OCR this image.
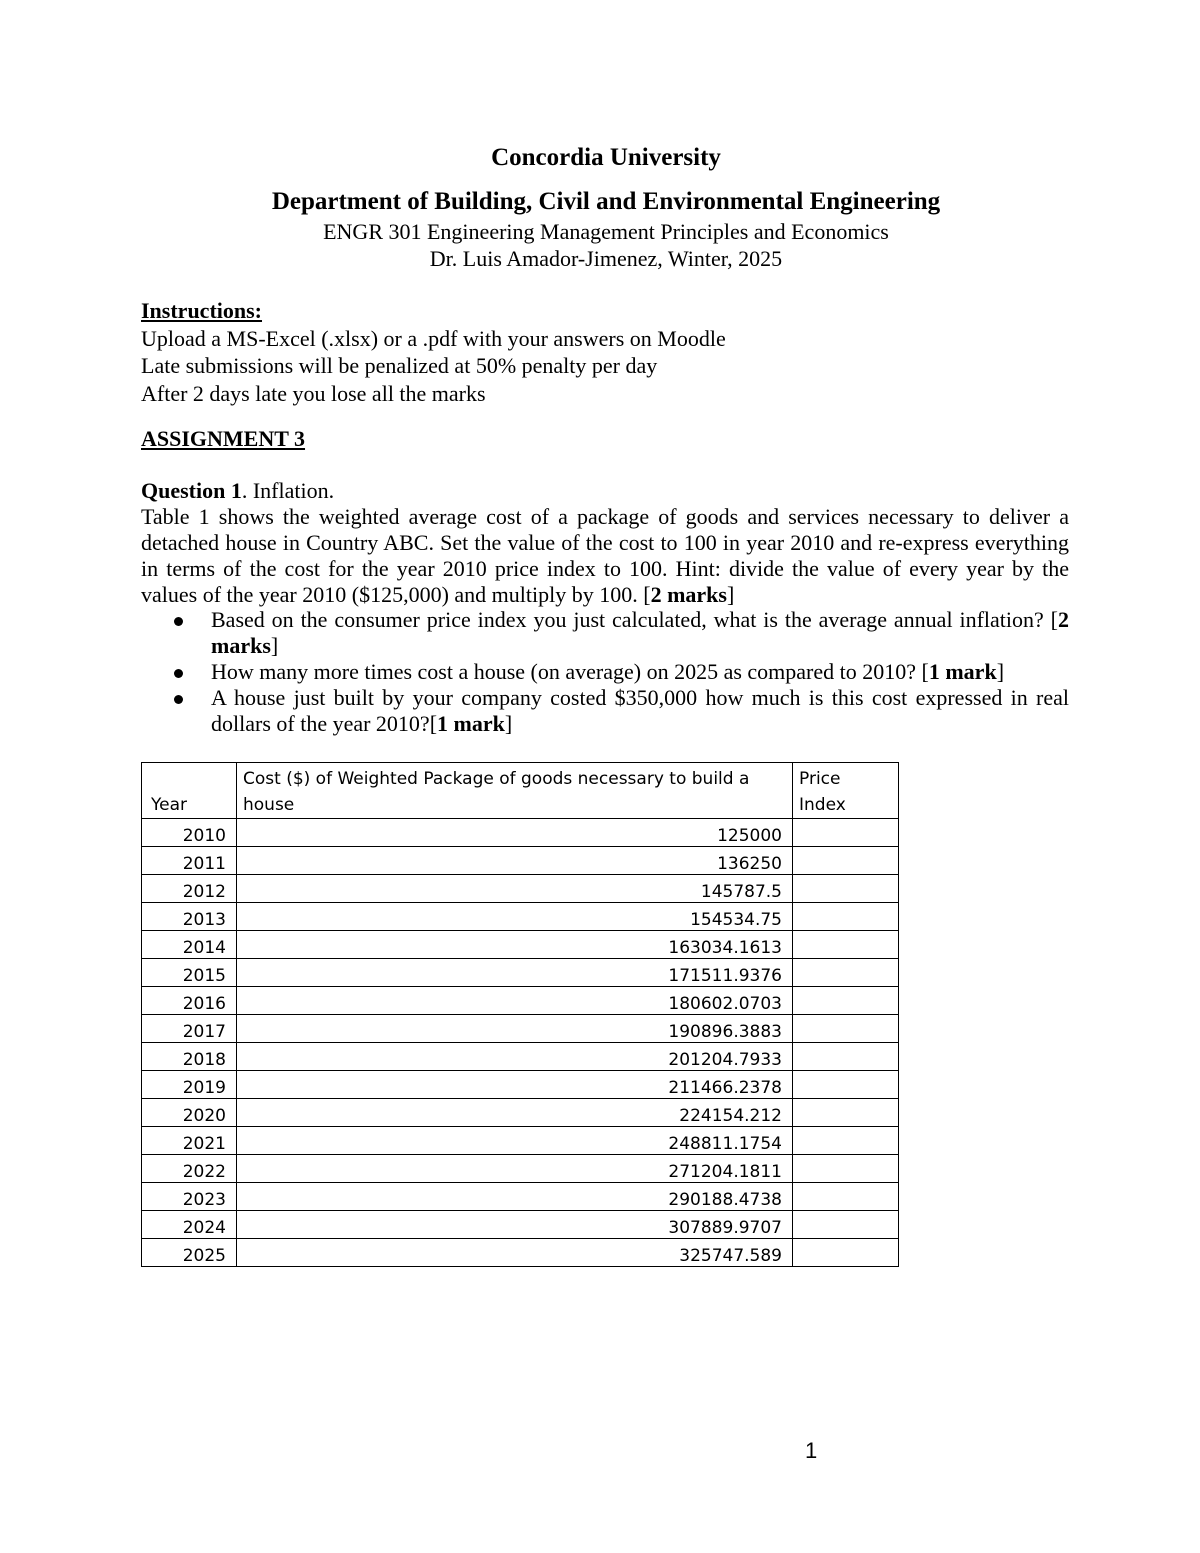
Concordia University
Department of Building, Civil and Environmental Engineering
ENGR 301 Engineering Management Principles and Economics
Dr. Luis Amador-Jimenez, Winter, 2025
Instructions:
Upload a MS-Excel (.xlsx) or a .pdf with your answers on Moodle
Late submissions will be penalized at 50% penalty per day
After 2 days late you lose all the marks
ASSIGNMENT 3
Question 1. Inflation.
Table 1 shows the weighted average cost of a package of goods and services necessary to deliver a detached house in Country ABC. Set the value of the cost to 100 in year 2010 and re-express everything in terms of the cost for the year 2010 price index to 100. Hint: divide the value of every year by the values of the year 2010 ($125,000) and multiply by 100. [2 marks]
Based on the consumer price index you just calculated, what is the average annual inflation? [2 marks]
How many more times cost a house (on average) on 2025 as compared to 2010? [1 mark]
A house just built by your company costed $350,000 how much is this cost expressed in real dollars of the year 2010?[1 mark]
Year	Cost ($) of Weighted Package of goods necessary to build a house	Price Index
2010	125000	
2011	136250	
2012	145787.5	
2013	154534.75	
2014	163034.1613	
2015	171511.9376	
2016	180602.0703	
2017	190896.3883	
2018	201204.7933	
2019	211466.2378	
2020	224154.212	
2021	248811.1754	
2022	271204.1811	
2023	290188.4738	
2024	307889.9707	
2025	325747.589	
1
